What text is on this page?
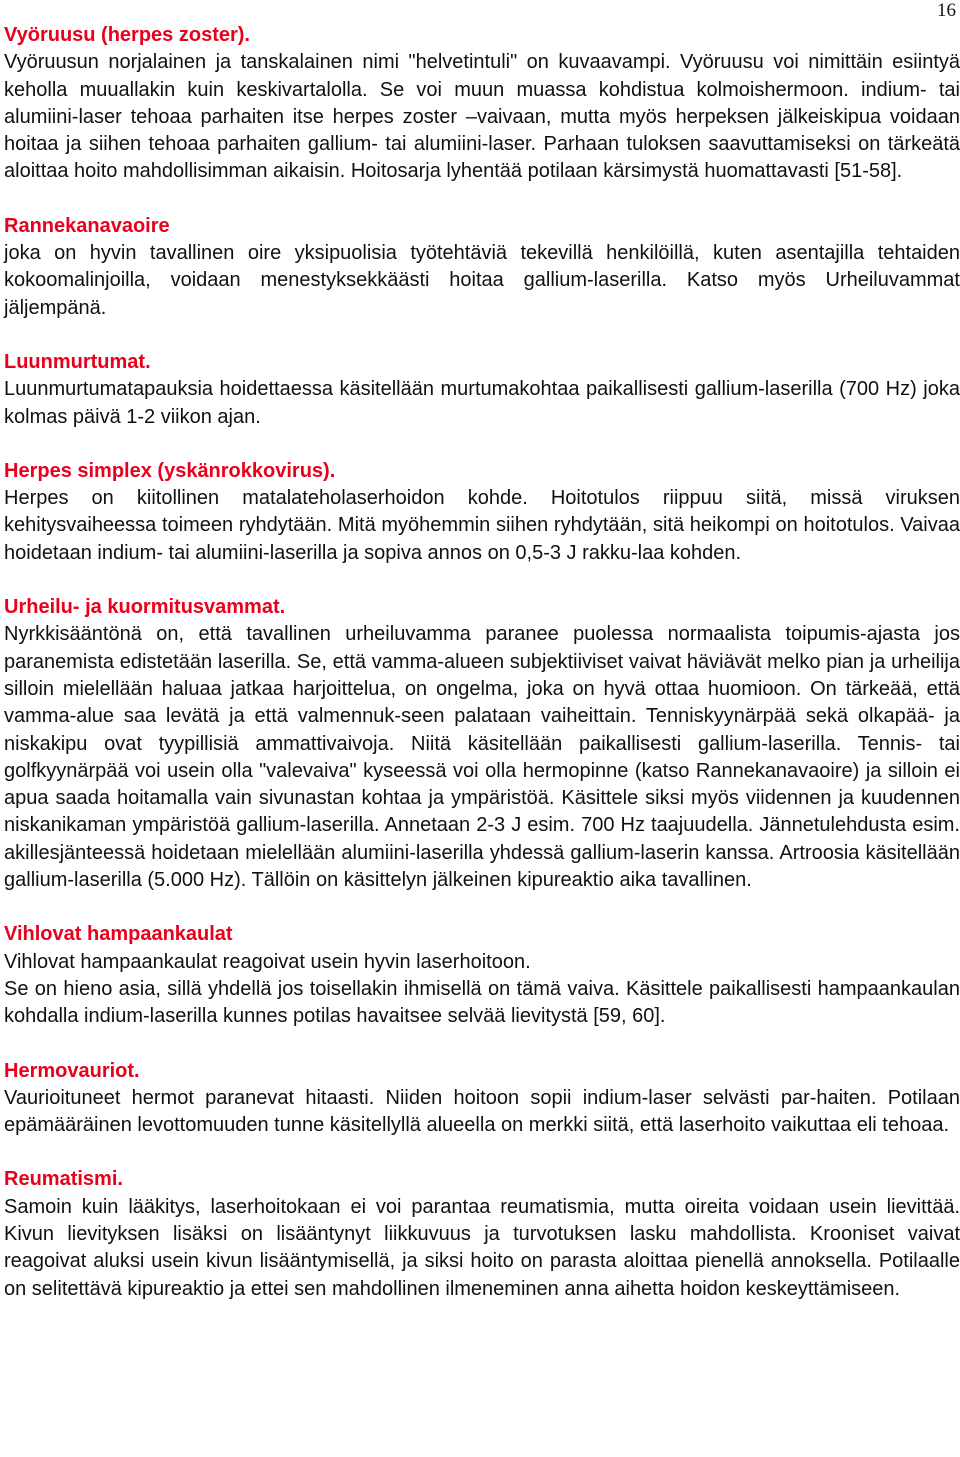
16
Vyöruusu (herpes zoster).
Vyöruusun norjalainen ja tanskalainen nimi "helvetintuli" on kuvaavampi. Vyöruusu voi nimittäin esiintyä keholla muuallakin kuin keskivartalolla. Se voi muun muassa kohdistua kolmoishermoon. indium- tai alumiini-laser tehoaa parhaiten itse herpes zoster –vaivaan, mutta myös herpeksen jälkeiskipua voidaan hoitaa ja siihen tehoaa parhaiten gallium- tai alumiini-laser. Parhaan tuloksen saavuttamiseksi on tärkeätä aloittaa hoito mahdollisimman aikaisin. Hoitosarja lyhentää potilaan kärsimystä huomattavasti [51-58].
Rannekanavaoire
joka on hyvin tavallinen oire yksipuolisia työtehtäviä tekevillä henkilöillä, kuten asentajilla tehtaiden kokoomalinjoilla, voidaan menestyksekkäästi hoitaa gallium-laserilla. Katso myös Urheiluvammat jäljempänä.
Luunmurtumat.
Luunmurtumatapauksia hoidettaessa käsitellään murtumakohtaa paikallisesti gallium-laserilla (700 Hz) joka kolmas päivä 1-2 viikon ajan.
Herpes simplex (yskänrokkovirus).
Herpes on kiitollinen matalateholaserhoidon kohde. Hoitotulos riippuu siitä, missä viruksen kehitysvaiheessa toimeen ryhdytään. Mitä myöhemmin siihen ryhdytään, sitä heikompi on hoitotulos. Vaivaa hoidetaan indium- tai alumiini-laserilla ja sopiva annos on 0,5-3 J rakku-laa kohden.
Urheilu- ja kuormitusvammat.
Nyrkkisääntönä on, että tavallinen urheiluvamma paranee puolessa normaalista toipumis-ajasta jos paranemista edistetään laserilla. Se, että vamma-alueen subjektiiviset vaivat häviävät melko pian ja urheilija silloin mielellään haluaa jatkaa harjoittelua, on ongelma, joka on hyvä ottaa huomioon. On tärkeää, että vamma-alue saa levätä ja että valmennuk-seen palataan vaiheittain. Tenniskyynärpää sekä olkapää- ja niskakipu ovat tyypillisiä ammattivaivoja. Niitä käsitellään paikallisesti gallium-laserilla. Tennis- tai golfkyynärpää voi usein olla "valevaiva" kyseessä voi olla hermopinne (katso Rannekanavaoire) ja silloin ei apua saada hoitamalla vain sivunastan kohtaa ja ympäristöä. Käsittele siksi myös viidennen ja kuudennen niskanikaman ympäristöä gallium-laserilla. Annetaan 2-3 J esim. 700 Hz taajuudella. Jännetulehdusta esim. akillesjänteessä hoidetaan mielellään alumiini-laserilla yhdessä gallium-laserin kanssa. Artroosia käsitellään gallium-laserilla (5.000 Hz). Tällöin on käsittelyn jälkeinen kipureaktio aika tavallinen.
Vihlovat hampaankaulat
Vihlovat hampaankaulat reagoivat usein hyvin laserhoitoon.
Se on hieno asia, sillä yhdellä jos toisellakin ihmisellä on tämä vaiva. Käsittele paikallisesti hampaankaulan kohdalla indium-laserilla kunnes potilas havaitsee selvää lievitystä [59, 60].
Hermovauriot.
Vaurioituneet hermot paranevat hitaasti. Niiden hoitoon sopii indium-laser selvästi par-haiten. Potilaan epämääräinen levottomuuden tunne käsitellyllä alueella on merkki siitä, että laserhoito vaikuttaa eli tehoaa.
Reumatismi.
Samoin kuin lääkitys, laserhoitokaan ei voi parantaa reumatismia, mutta oireita voidaan usein lievittää. Kivun lievityksen lisäksi on lisääntynyt liikkuvuus ja turvotuksen lasku mahdollista. Krooniset vaivat reagoivat aluksi usein kivun lisääntymisellä, ja siksi hoito on parasta aloittaa pienellä annoksella. Potilaalle on selitettävä kipureaktio ja ettei sen mahdollinen ilmeneminen anna aihetta hoidon keskeyttämiseen.
